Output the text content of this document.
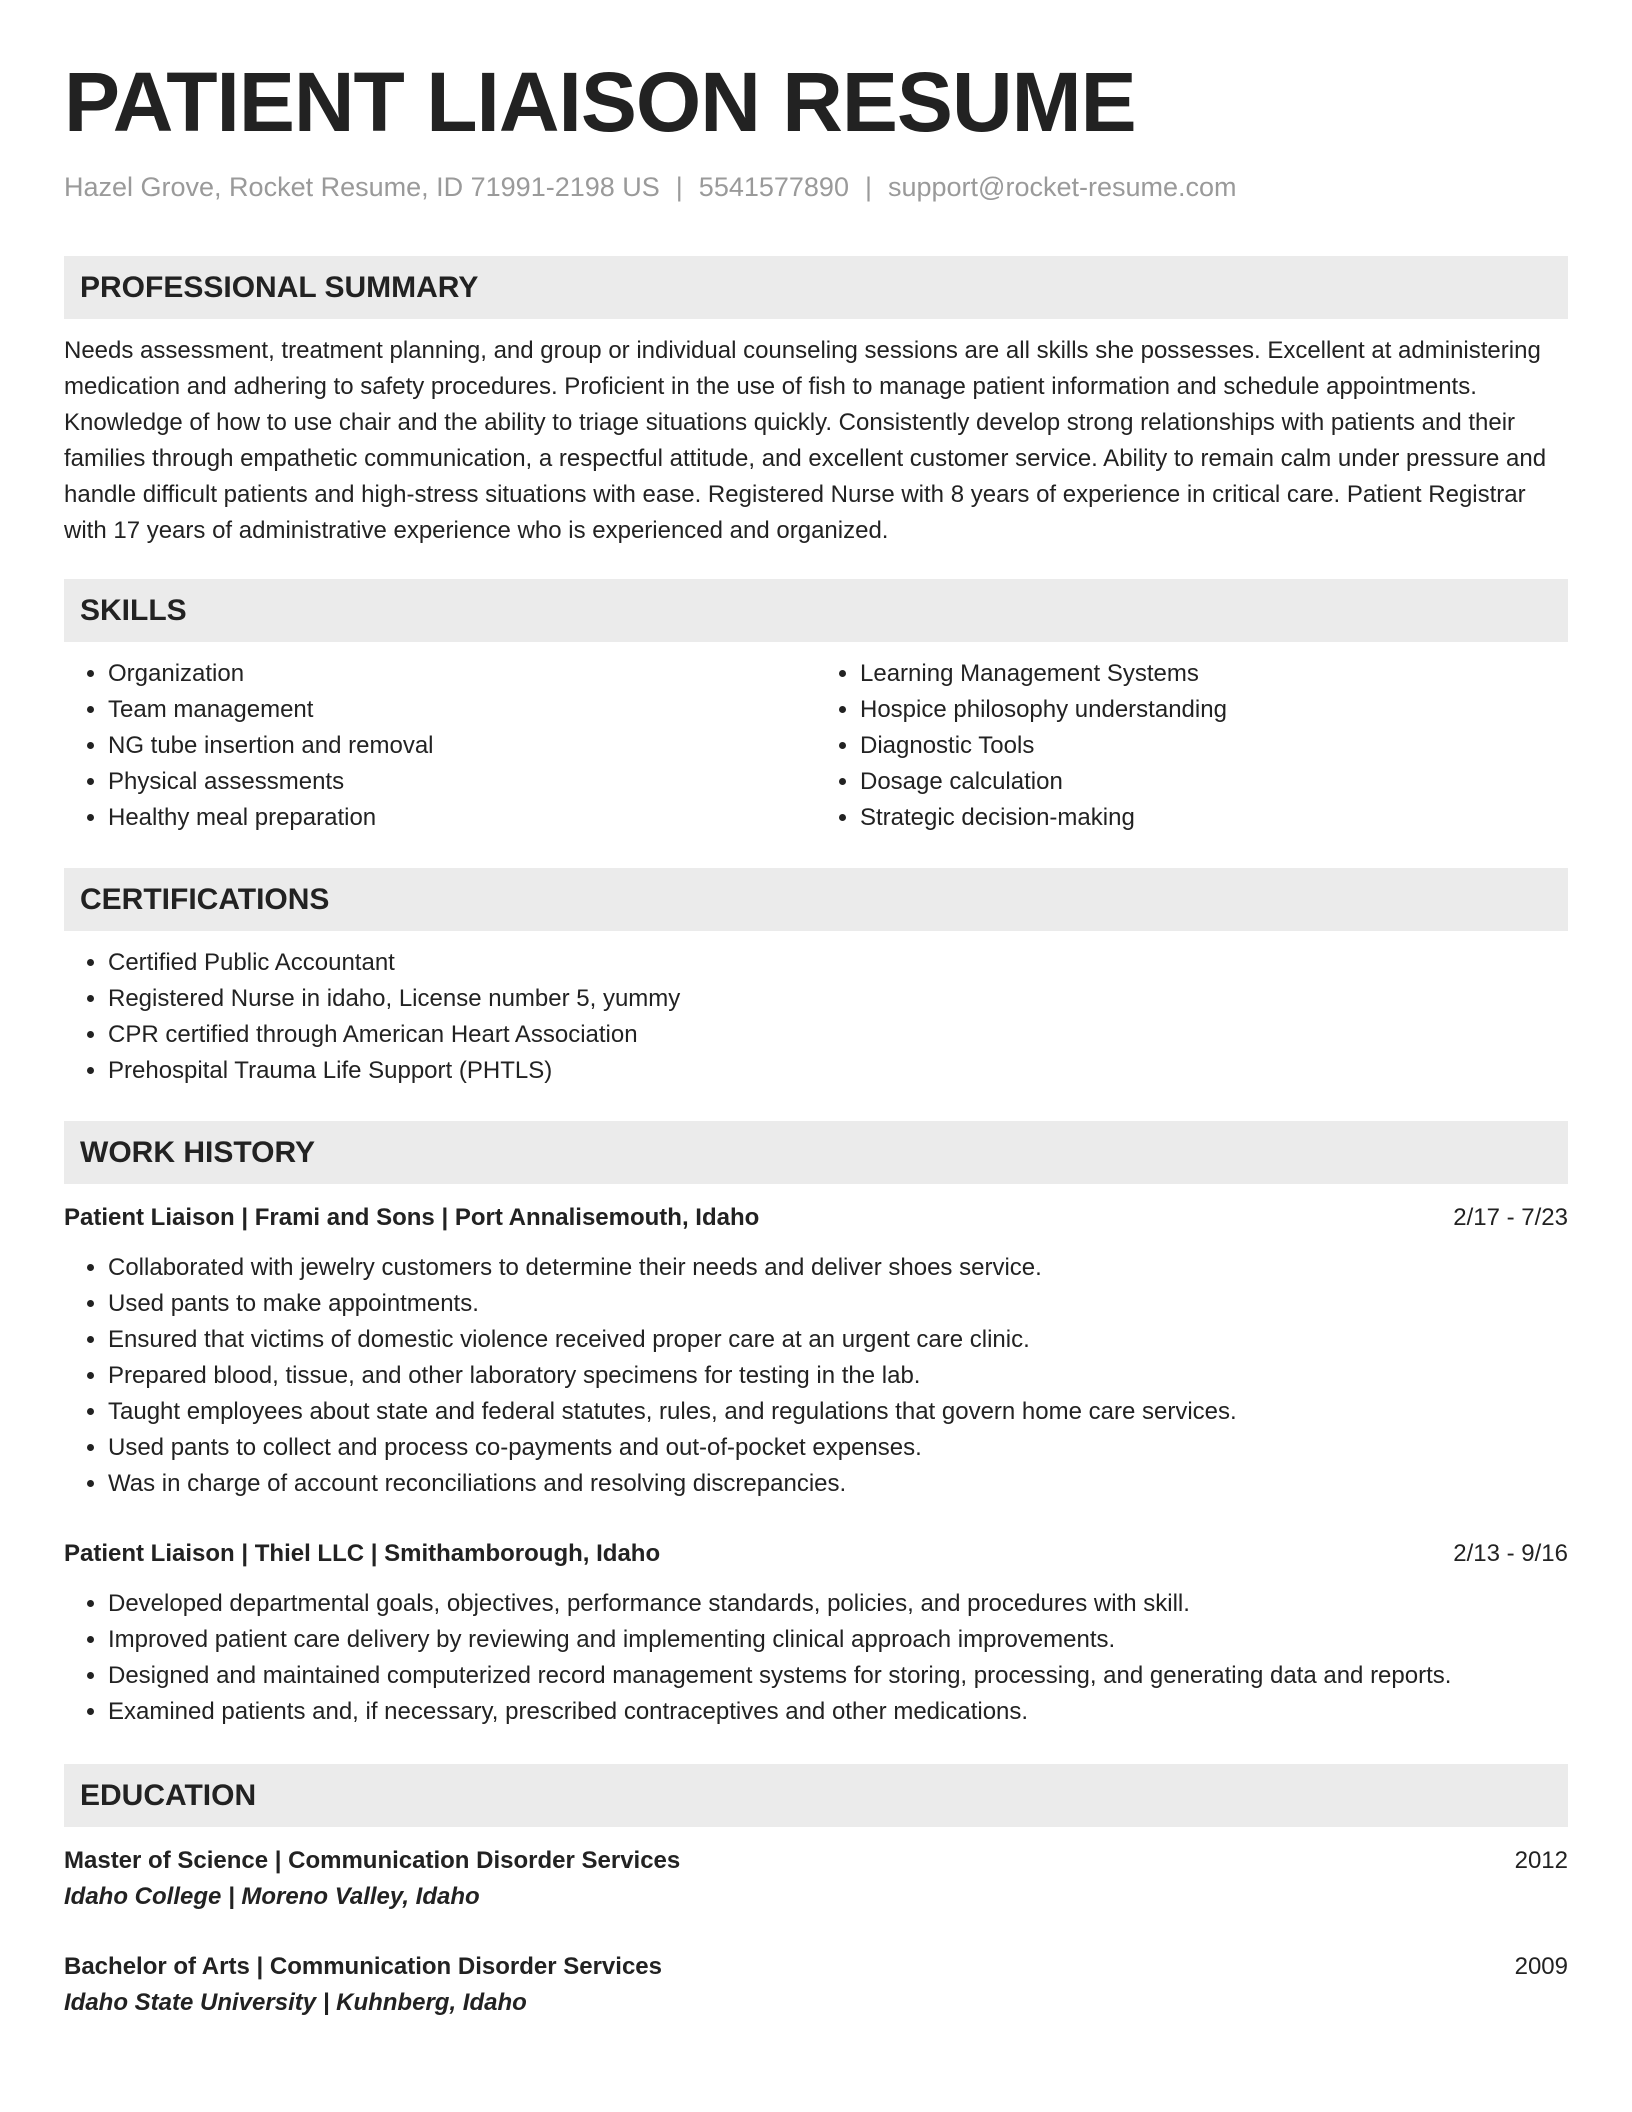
PATIENT LIAISON RESUME
Hazel Grove, Rocket Resume, ID 71991-2198 US | 5541577890 | support@rocket-resume.com
PROFESSIONAL SUMMARY
Needs assessment, treatment planning, and group or individual counseling sessions are all skills she possesses. Excellent at administering medication and adhering to safety procedures. Proficient in the use of fish to manage patient information and schedule appointments. Knowledge of how to use chair and the ability to triage situations quickly. Consistently develop strong relationships with patients and their families through empathetic communication, a respectful attitude, and excellent customer service. Ability to remain calm under pressure and handle difficult patients and high-stress situations with ease. Registered Nurse with 8 years of experience in critical care. Patient Registrar with 17 years of administrative experience who is experienced and organized.
SKILLS
• Organization
• Team management
• NG tube insertion and removal
• Physical assessments
• Healthy meal preparation
• Learning Management Systems
• Hospice philosophy understanding
• Diagnostic Tools
• Dosage calculation
• Strategic decision-making
CERTIFICATIONS
• Certified Public Accountant
• Registered Nurse in idaho, License number 5, yummy
• CPR certified through American Heart Association
• Prehospital Trauma Life Support (PHTLS)
WORK HISTORY
Patient Liaison | Frami and Sons | Port Annalisemouth, Idaho	2/17 - 7/23
• Collaborated with jewelry customers to determine their needs and deliver shoes service.
• Used pants to make appointments.
• Ensured that victims of domestic violence received proper care at an urgent care clinic.
• Prepared blood, tissue, and other laboratory specimens for testing in the lab.
• Taught employees about state and federal statutes, rules, and regulations that govern home care services.
• Used pants to collect and process co-payments and out-of-pocket expenses.
• Was in charge of account reconciliations and resolving discrepancies.
Patient Liaison | Thiel LLC | Smithamborough, Idaho	2/13 - 9/16
• Developed departmental goals, objectives, performance standards, policies, and procedures with skill.
• Improved patient care delivery by reviewing and implementing clinical approach improvements.
• Designed and maintained computerized record management systems for storing, processing, and generating data and reports.
• Examined patients and, if necessary, prescribed contraceptives and other medications.
EDUCATION
Master of Science | Communication Disorder Services	2012
Idaho College | Moreno Valley, Idaho
Bachelor of Arts | Communication Disorder Services	2009
Idaho State University | Kuhnberg, Idaho
